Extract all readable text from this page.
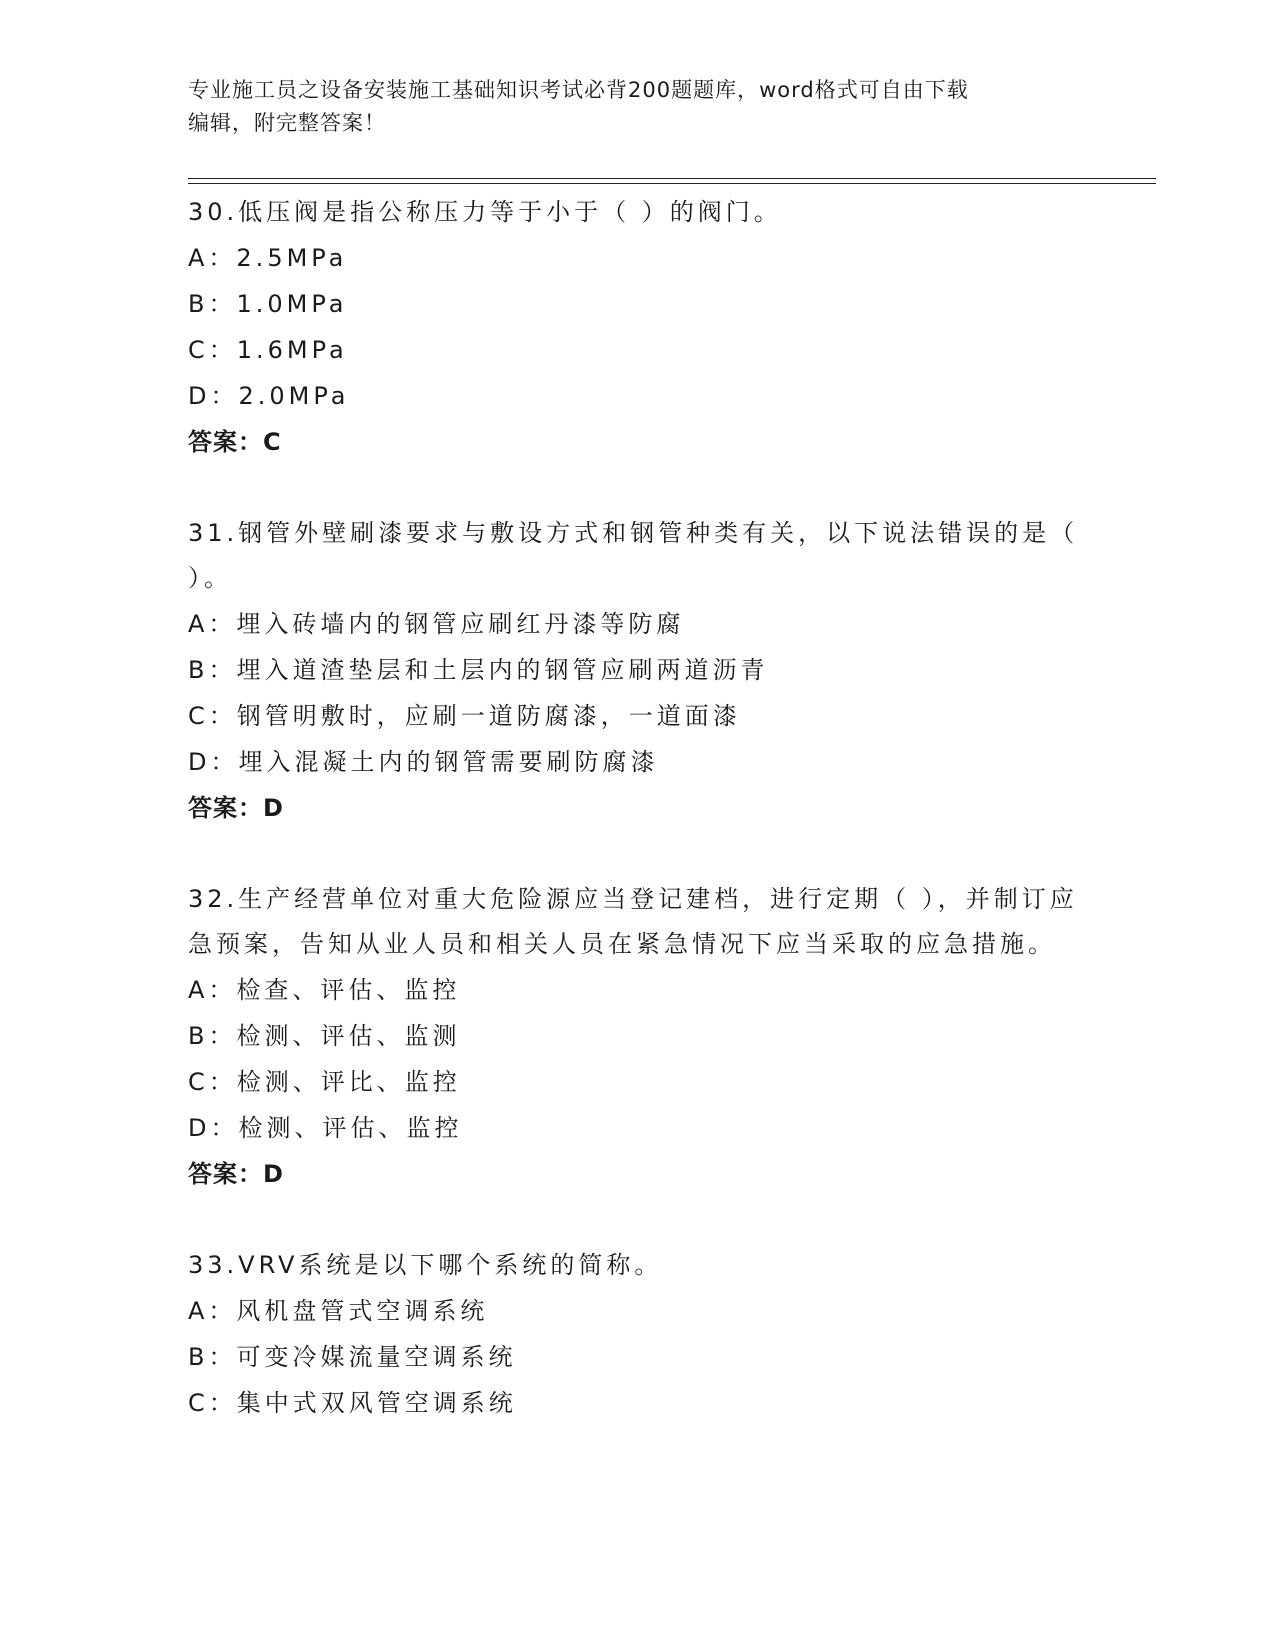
专业施工员之设备安装施工基础知识考试必背200题题库，word格式可自由下载
编辑，附完整答案！
30.低压阀是指公称压力等于小于（ ）的阀门。
A：2.5MPa
B：1.0MPa
C：1.6MPa
D：2.0MPa
答案：C
31.钢管外壁刷漆要求与敷设方式和钢管种类有关，以下说法错误的是（ ）。
A：埋入砖墙内的钢管应刷红丹漆等防腐
B：埋入道渣垫层和土层内的钢管应刷两道沥青
C：钢管明敷时，应刷一道防腐漆，一道面漆
D：埋入混凝土内的钢管需要刷防腐漆
答案：D
32.生产经营单位对重大危险源应当登记建档，进行定期（ ），并制订应急预案，告知从业人员和相关人员在紧急情况下应当采取的应急措施。
A：检查、评估、监控
B：检测、评估、监测
C：检测、评比、监控
D：检测、评估、监控
答案：D
33.VRV系统是以下哪个系统的简称。
A：风机盘管式空调系统
B：可变冷媒流量空调系统
C：集中式双风管空调系统
